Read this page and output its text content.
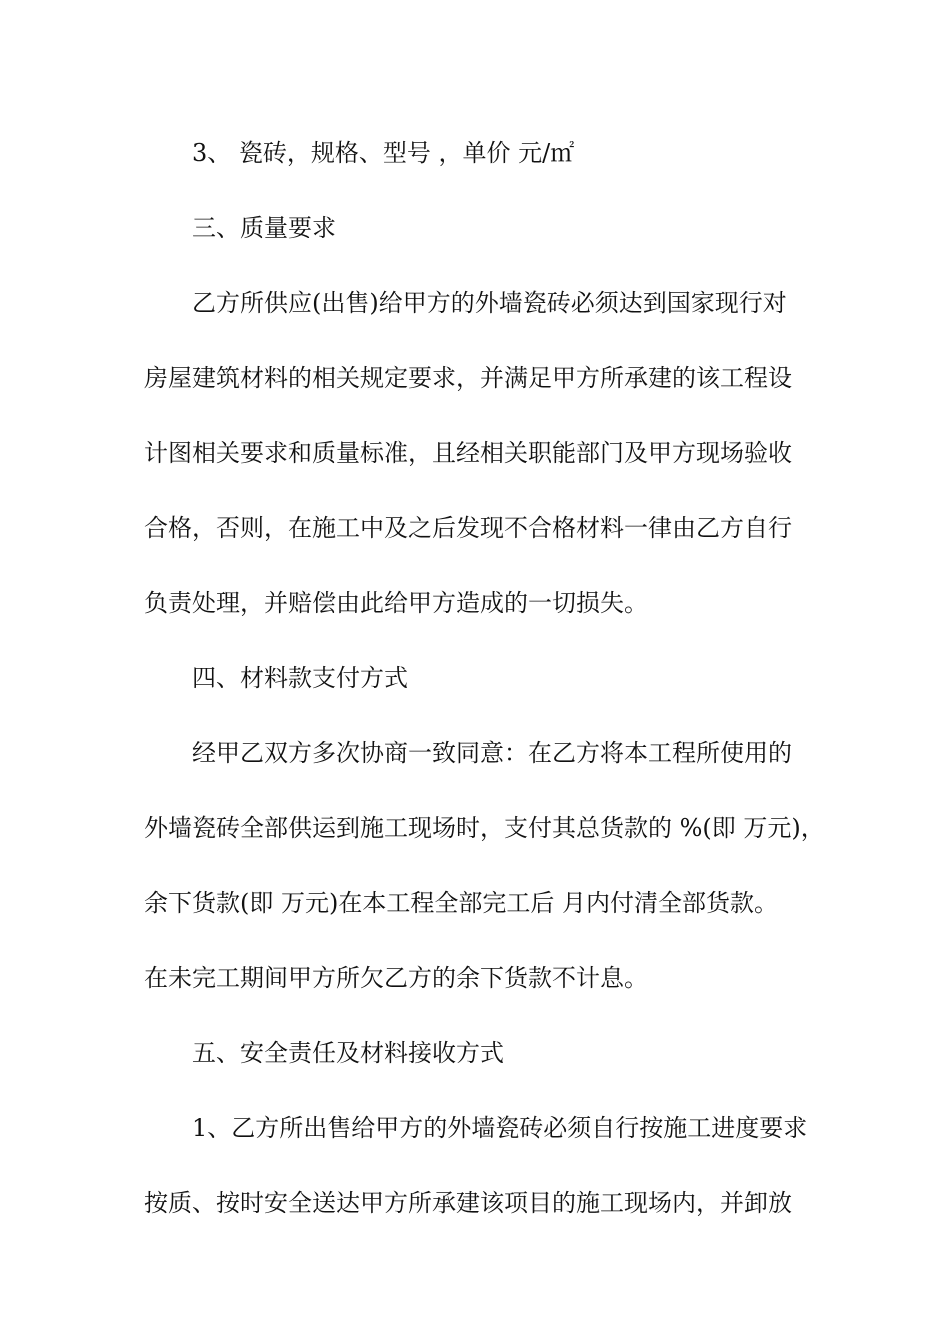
3、 瓷砖，规格、型号 ，单价 元/㎡
三、质量要求
乙方所供应(出售)给甲方的外墙瓷砖必须达到国家现行对
房屋建筑材料的相关规定要求，并满足甲方所承建的该工程设
计图相关要求和质量标准，且经相关职能部门及甲方现场验收
合格，否则，在施工中及之后发现不合格材料一律由乙方自行
负责处理，并赔偿由此给甲方造成的一切损失。
四、材料款支付方式
经甲乙双方多次协商一致同意：在乙方将本工程所使用的
外墙瓷砖全部供运到施工现场时，支付其总货款的 %(即 万元)，
余下货款(即 万元)在本工程全部完工后 月内付清全部货款。
在未完工期间甲方所欠乙方的余下货款不计息。
五、安全责任及材料接收方式
1、乙方所出售给甲方的外墙瓷砖必须自行按施工进度要求
按质、按时安全送达甲方所承建该项目的施工现场内，并卸放
